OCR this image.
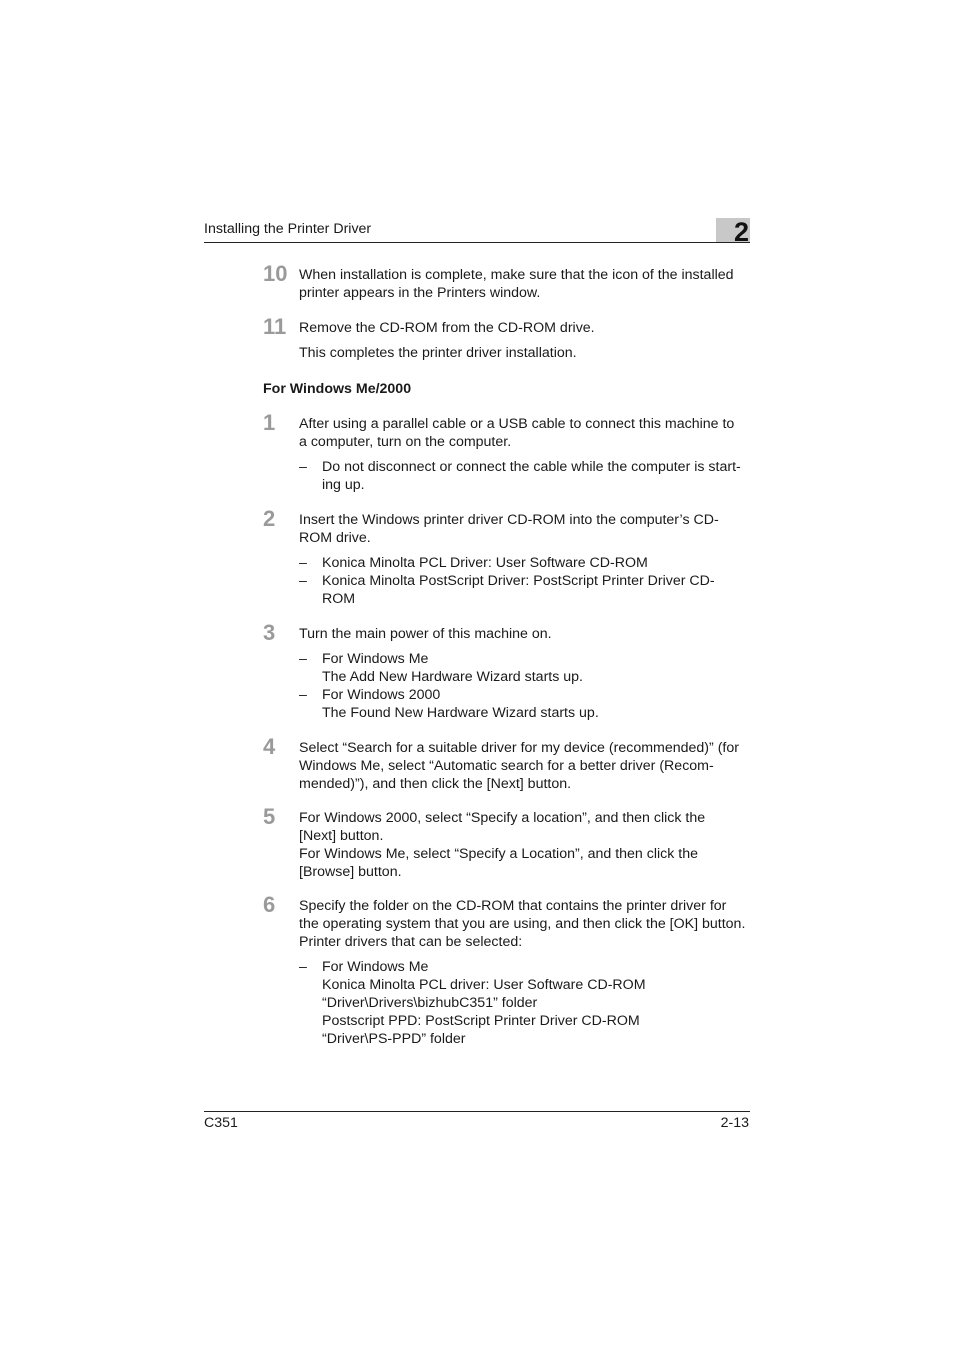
Installing the Printer Driver	2
10 When installation is complete, make sure that the icon of the installed
printer appears in the Printers window.
11 Remove the CD-ROM from the CD-ROM drive.
This completes the printer driver installation.
For Windows Me/2000
1 After using a parallel cable or a USB cable to connect this machine to
a computer, turn on the computer.
– Do not disconnect or connect the cable while the computer is start-
ing up.
2 Insert the Windows printer driver CD-ROM into the computer’s CD-
ROM drive.
– Konica Minolta PCL Driver: User Software CD-ROM
– Konica Minolta PostScript Driver: PostScript Printer Driver CD-
ROM
3 Turn the main power of this machine on.
– For Windows Me
The Add New Hardware Wizard starts up.
– For Windows 2000
The Found New Hardware Wizard starts up.
4 Select “Search for a suitable driver for my device (recommended)” (for
Windows Me, select “Automatic search for a better driver (Recom-
mended)”), and then click the [Next] button.
5 For Windows 2000, select “Specify a location”, and then click the
[Next] button.
For Windows Me, select “Specify a Location”, and then click the
[Browse] button.
6 Specify the folder on the CD-ROM that contains the printer driver for
the operating system that you are using, and then click the [OK] button.
Printer drivers that can be selected:
– For Windows Me
Konica Minolta PCL driver: User Software CD-ROM
“Driver\Drivers\bizhubC351” folder
Postscript PPD: PostScript Printer Driver CD-ROM
“Driver\PS-PPD” folder
C351	2-13
